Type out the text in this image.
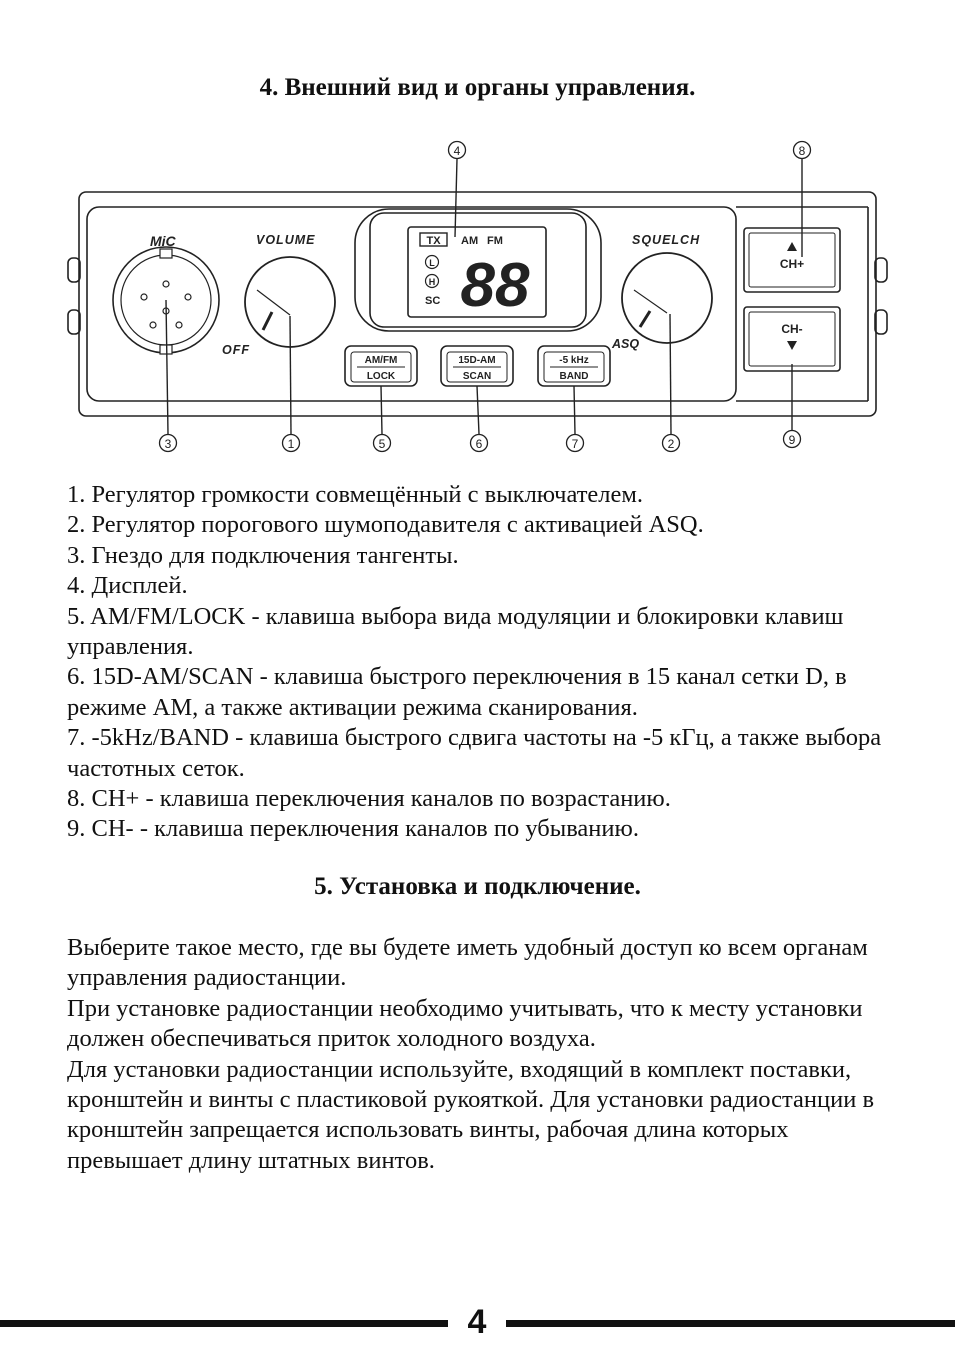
4. Внешний вид и органы управления.
MiC	VOLUME
OFF
TX AM FM
L
H
SC 88
AM/FM
LOCK
15D-AM
SCAN
-5 kHz
BAND
SQUELCH
ASQ
CH+
CH-
4	8
3	1	5	6	7	2	9
1. Регулятор громкости совмещённый с выключателем.
2. Регулятор порогового шумоподавителя с активацией ASQ.
3. Гнездо для подключения тангенты.
4. Дисплей.
5. AM/FM/LOCK - клавиша выбора вида модуляции и блокировки клавиш управления.
6. 15D-AM/SCAN - клавиша быстрого переключения в 15 канал сетки D, в режиме AM, а также активации режима сканирования.
7. -5kHz/BAND - клавиша быстрого сдвига частоты на -5 кГц, а также выбора частотных сеток.
8. CH+ - клавиша переключения каналов по возрастанию.
9. CH- - клавиша переключения каналов по убыванию.
5. Установка и подключение.

Выберите такое место, где вы будете иметь удобный доступ ко всем органам управления радиостанции.

При установке радиостанции необходимо учитывать, что к месту установки должен обеспечиваться приток холодного воздуха.

Для установки радиостанции используйте, входящий в комплект поставки, кронштейн и винты с пластиковой рукояткой. Для установки радиостанции в кронштейн запрещается использовать винты, рабочая длина которых превышает длину штатных винтов.

4
